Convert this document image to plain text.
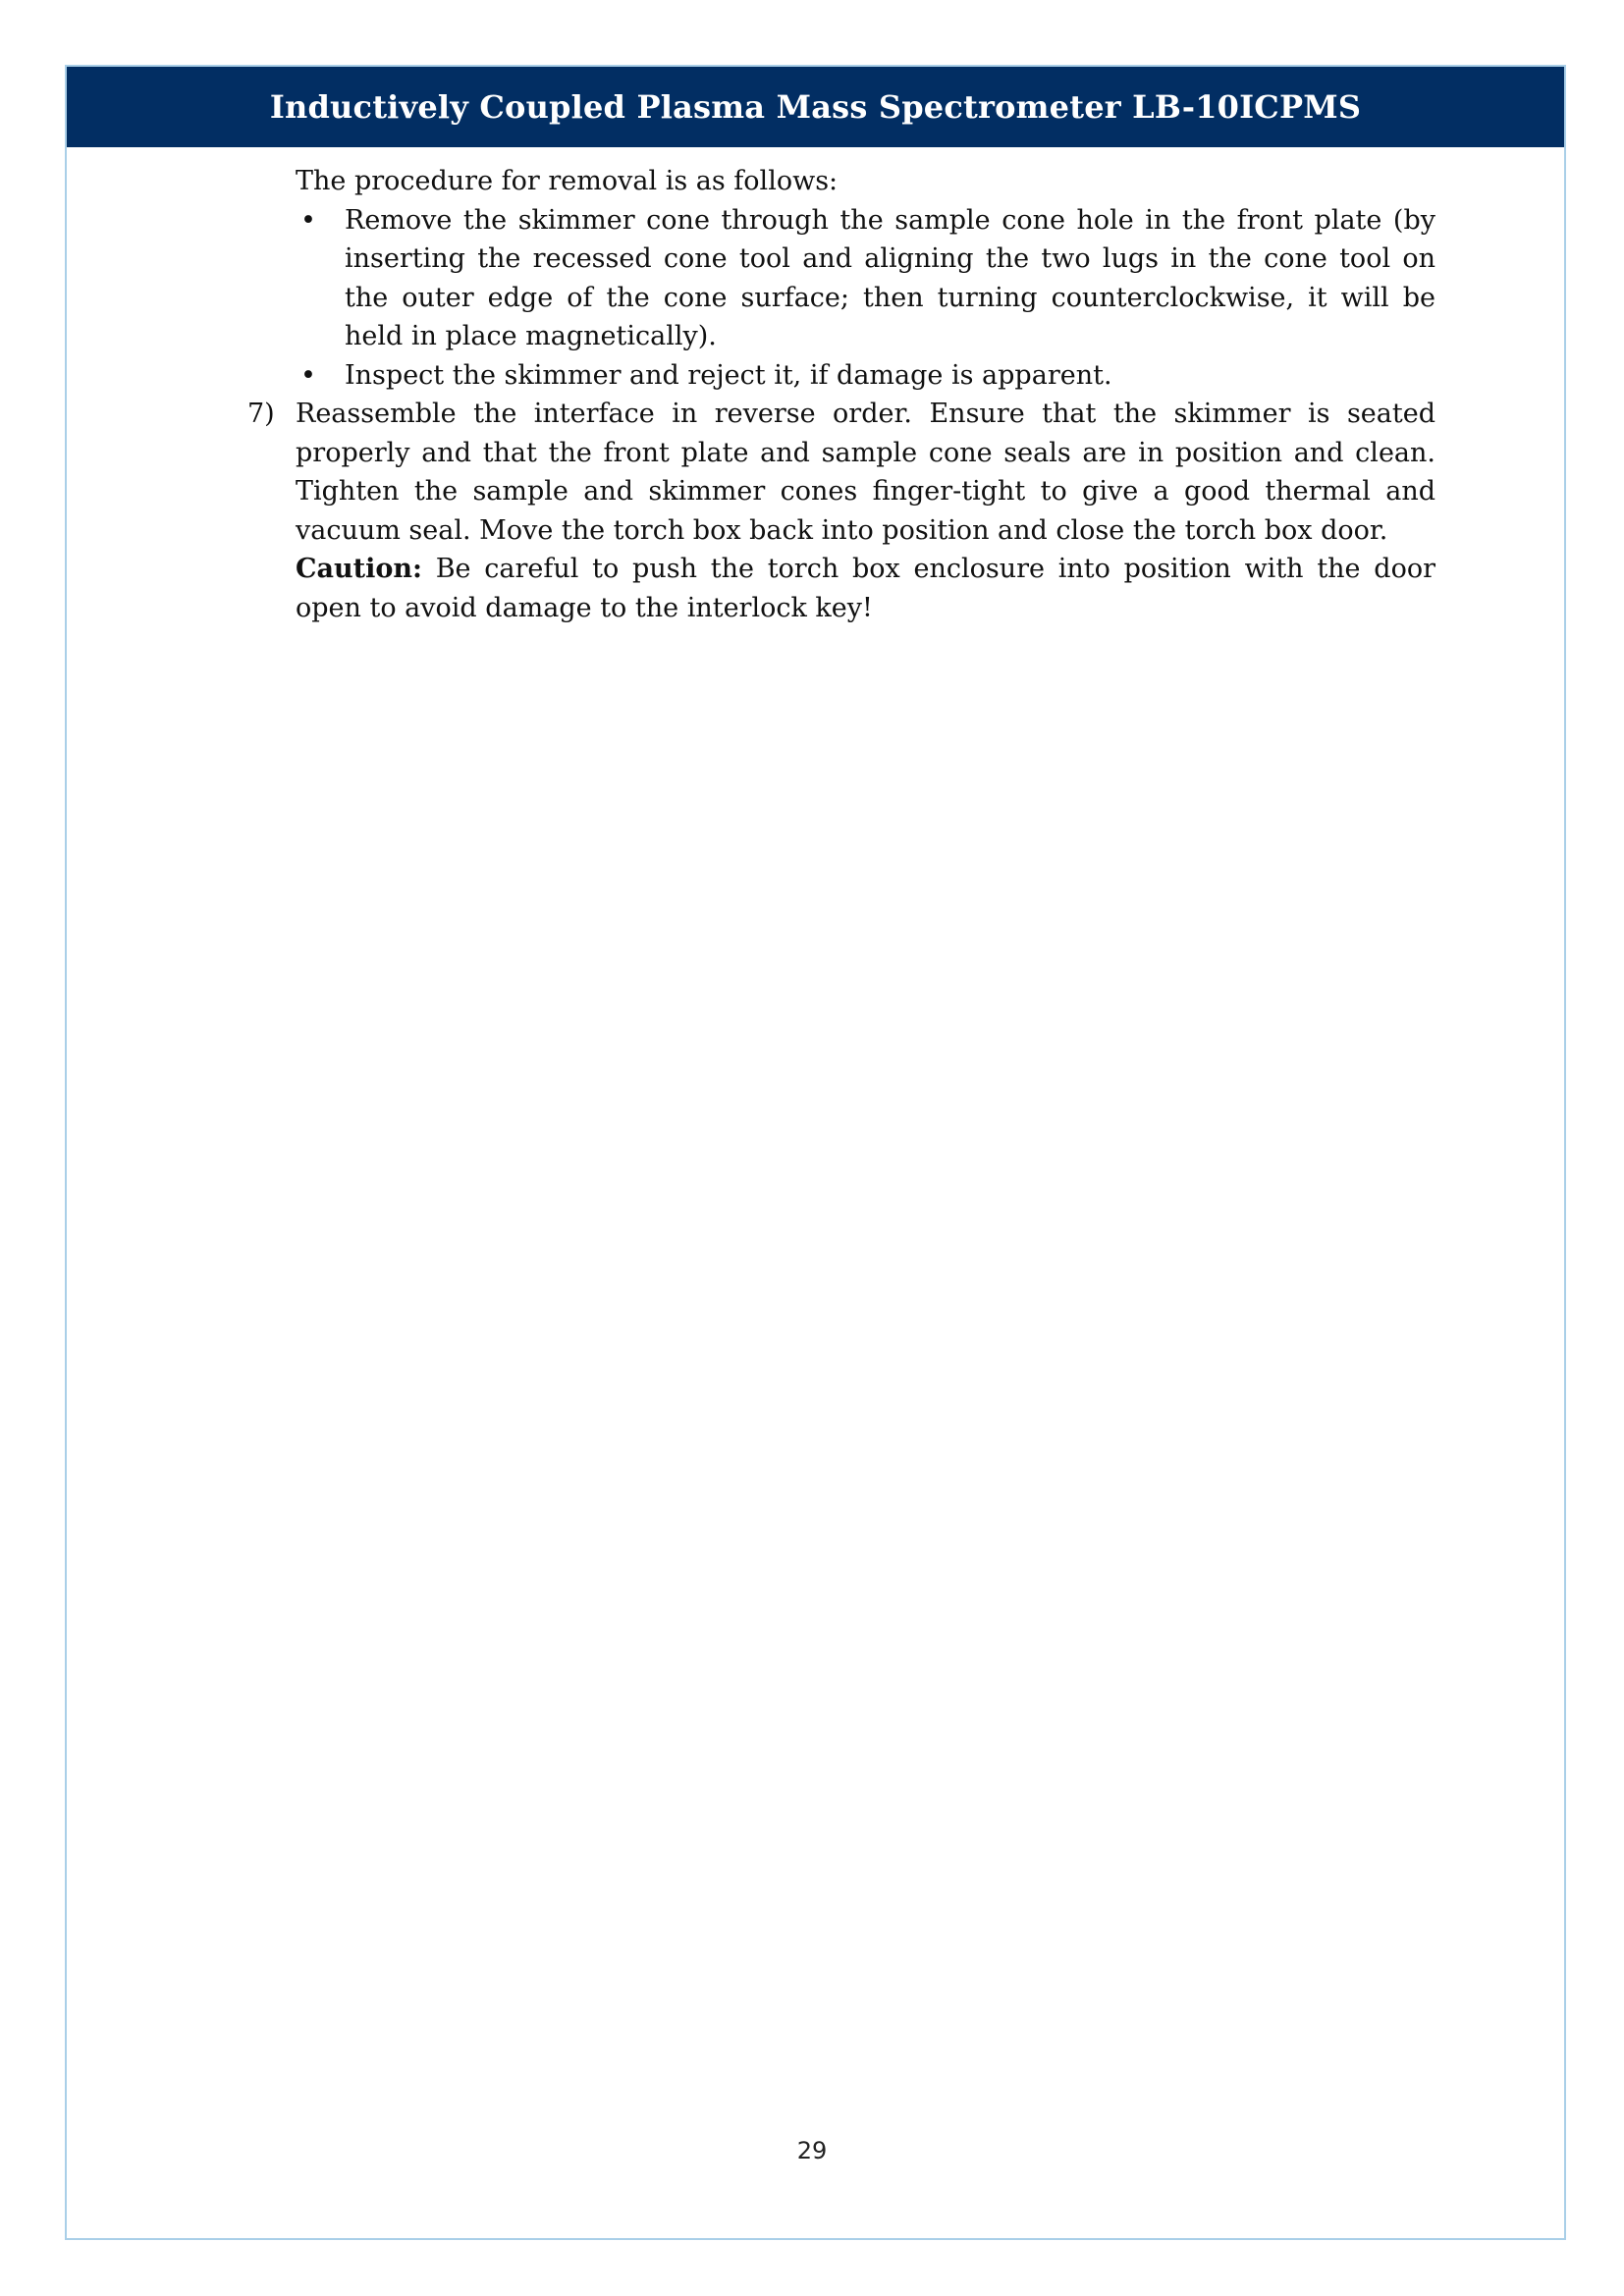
Inductively Coupled Plasma Mass Spectrometer LB-10ICPMS

The procedure for removal is as follows:

• Remove the skimmer cone through the sample cone hole in the front plate (by inserting the recessed cone tool and aligning the two lugs in the cone tool on the outer edge of the cone surface; then turning counterclockwise, it will be held in place magnetically).
• Inspect the skimmer and reject it, if damage is apparent.
7) Reassemble the interface in reverse order. Ensure that the skimmer is seated properly and that the front plate and sample cone seals are in position and clean. Tighten the sample and skimmer cones finger-tight to give a good thermal and vacuum seal. Move the torch box back into position and close the torch box door.
Caution: Be careful to push the torch box enclosure into position with the door open to avoid damage to the interlock key!
29
